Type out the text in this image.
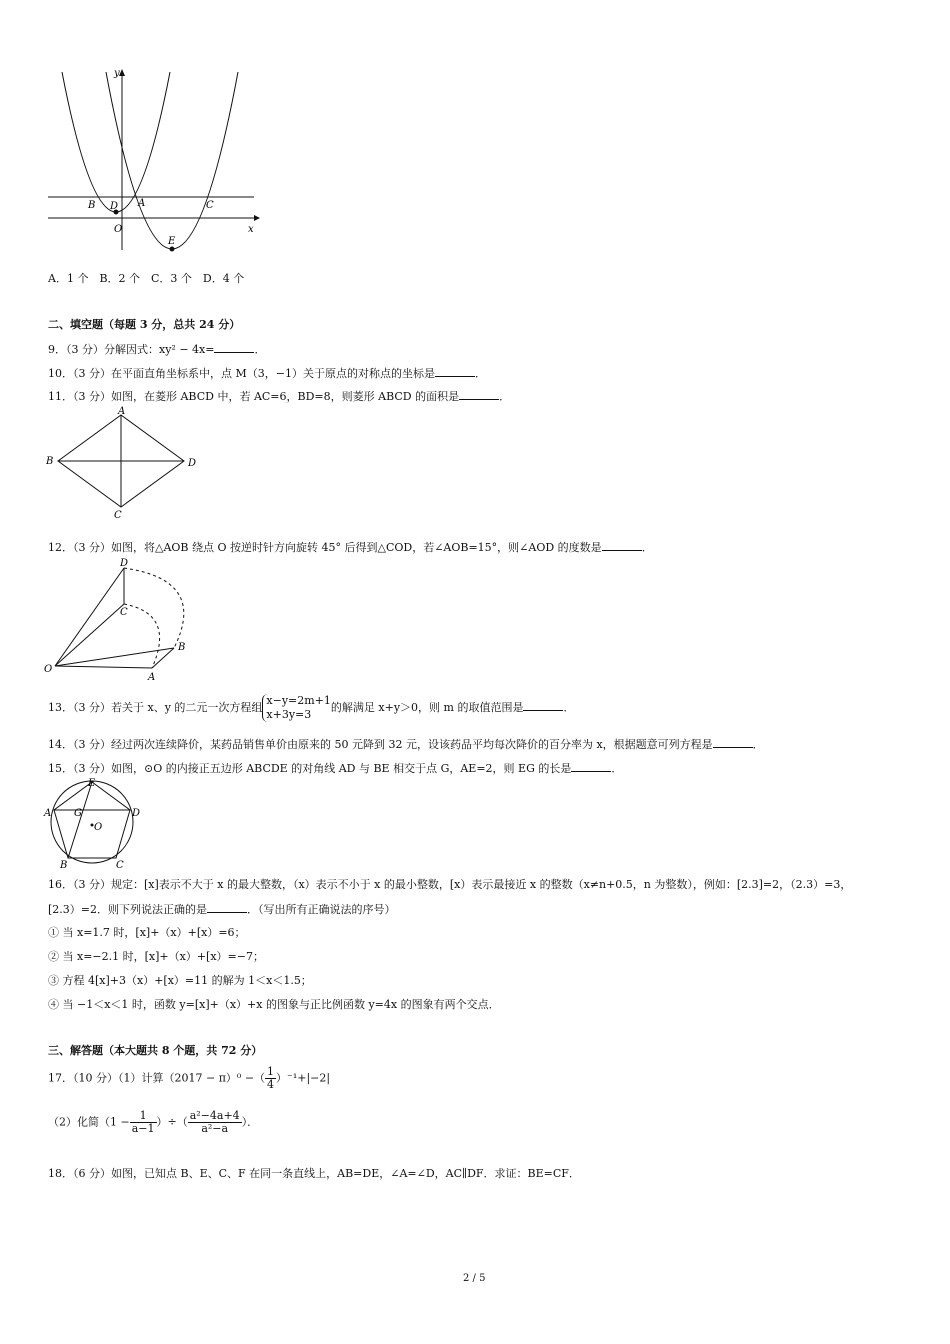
y
x
O
B D A	C
E
A．1 个　B．2 个　C．3 个　D．4 个
二、填空题（每题 3 分，总共 24 分）
9．（3 分）分解因式：xy² − 4x=	．
10．（3 分）在平面直角坐标系中，点 M（3，−1）关于原点的对称点的坐标是	．
11．（3 分）如图，在菱形 ABCD 中，若 AC=6，BD=8，则菱形 ABCD 的面积是	．
A
B	D
C
12．（3 分）如图，将△AOB 绕点 O 按逆时针方向旋转 45° 后得到△COD，若∠AOB=15°，则∠AOD 的度数是	．
D
C
B
O
A
13．（3 分）若关于 x、y 的二元一次方程组
x−y=2m+1
x+3y=3
的解满足 x+y＞0，则 m 的取值范围是	．
14．（3 分）经过两次连续降价，某药品销售单价由原来的 50 元降到 32 元，设该药品平均每次降价的百分率为 x，根据题意可列方程是	．
15．（3 分）如图，⊙O 的内接正五边形 ABCDE 的对角线 AD 与 BE 相交于点 G，AE=2，则 EG 的长是	．
E
A G	D
O
B	C
16．（3 分）规定：[x]表示不大于 x 的最大整数，（x）表示不小于 x 的最小整数，[x）表示最接近 x 的整数（x≠n+0.5，n 为整数），例如：[2.3]=2，（2.3）=3，
[2.3）=2．则下列说法正确的是	．（写出所有正确说法的序号）
① 当 x=1.7 时，[x]+（x）+[x）=6；
② 当 x=−2.1 时，[x]+（x）+[x）=−7；
③ 方程 4[x]+3（x）+[x）=11 的解为 1＜x＜1.5；
④ 当 −1＜x＜1 时，函数 y=[x]+（x）+x 的图象与正比例函数 y=4x 的图象有两个交点．
三、解答题（本大题共 8 个题，共 72 分）
17．（10 分）（1）计算（2017 − π）⁰ −（ $\frac{1}{4} )^{-1}+|-2|$
（2）化简（$1 - \frac{1}{a-1}$ ）÷（ $\frac{\text{a²−4a+4}}{\text{a²−a}}$ ）．
18．（6 分）如图，已知点 B、E、C、F 在同一条直线上，AB=DE，∠A=∠D，AC∥DF．求证：BE=CF．
2 / 5
